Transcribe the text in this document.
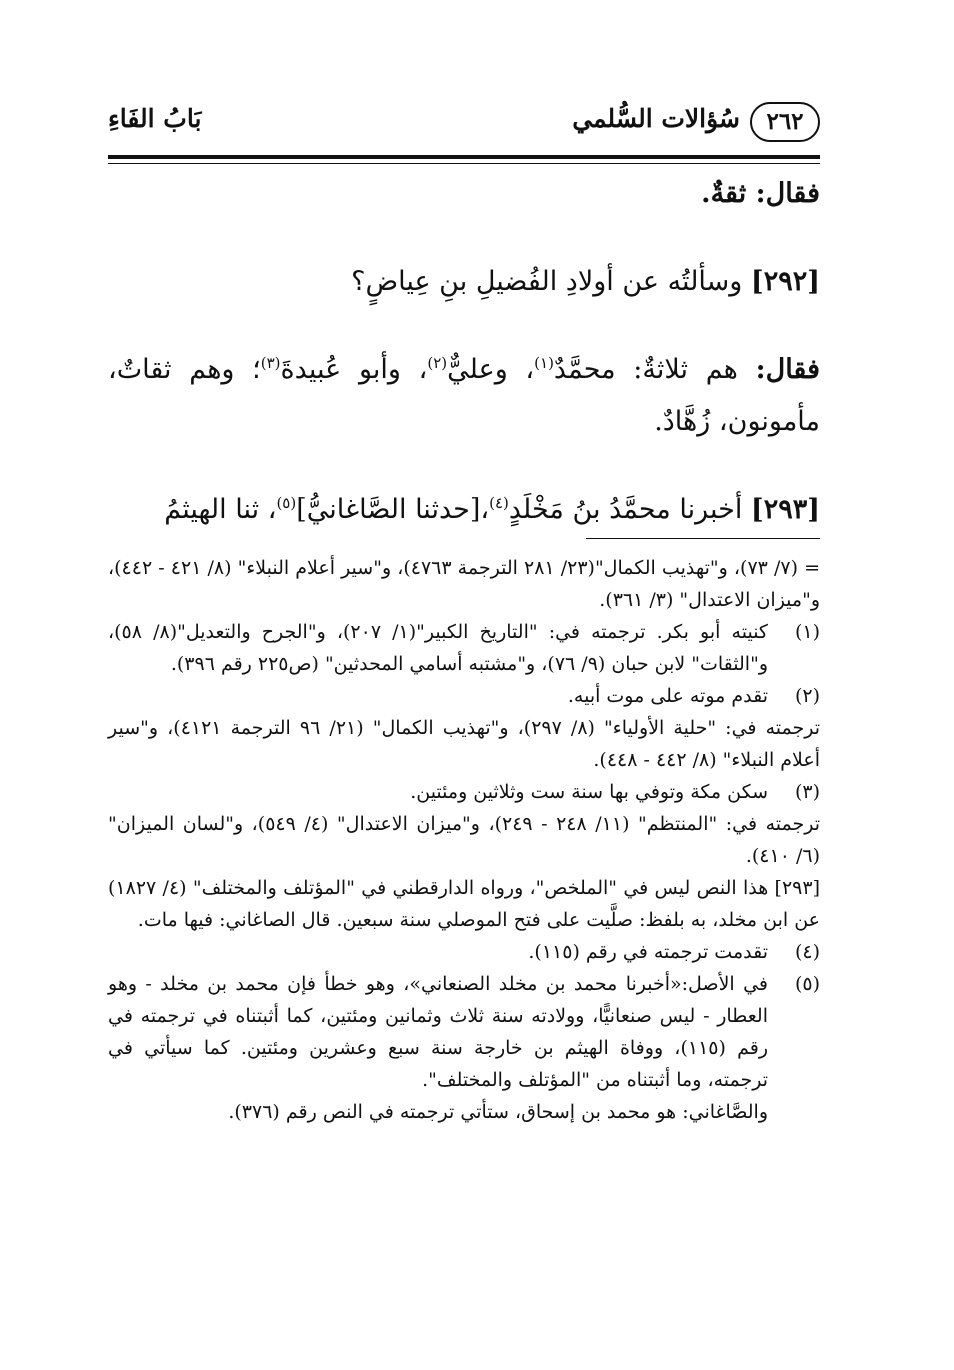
٢٦٢
سُؤالات السُّلمي
بَابُ الفَاءِ

فقال: ثقةٌ.

[٢٩٢] وسألتُه عن أولادِ الفُضيلِ بنِ عِياضٍ؟

فقال: هم ثلاثةٌ: محمَّدٌ$^{(١)}$، وعليٌّ$^{(٢)}$، وأبو عُبيدةَ$^{(٣)}$؛ وهم ثقاتٌ، مأمونون، زُهَّادٌ.

[٢٩٣] أخبرنا محمَّدُ بنُ مَخْلَدٍ$^{(٤)}$،[حدثنا الصَّاغانيُّ]$^{(٥)}$، ثنا الهيثمُ

= (٧/ ٧٣)، و"تهذيب الكمال"(٢٣/ ٢٨١ الترجمة ٤٧٦٣)، و"سير أعلام النبلاء" (٨/ ٤٢١ - ٤٤٢)، و"ميزان الاعتدال" (٣/ ٣٦١).

(١)

كنيته أبو بكر. ترجمته في: "التاريخ الكبير"(١/ ٢٠٧)، و"الجرح والتعديل"(٨/ ٥٨)، و"الثقات" لابن حبان (٩/ ٧٦)، و"مشتبه أسامي المحدثين" (ص٢٢٥ رقم ٣٩٦).

(٢)

تقدم موته على موت أبيه.

ترجمته في: "حلية الأولياء" (٨/ ٢٩٧)، و"تهذيب الكمال" (٢١/ ٩٦ الترجمة ٤١٢١)، و"سير أعلام النبلاء" (٨/ ٤٤٢ - ٤٤٨).

(٣)

سكن مكة وتوفي بها سنة ست وثلاثين ومئتين.

ترجمته في: "المنتظم" (١١/ ٢٤٨ - ٢٤٩)، و"ميزان الاعتدال" (٤/ ٥٤٩)، و"لسان الميزان" (٦/ ٤١٠).

[٢٩٣] هذا النص ليس في "الملخص"، ورواه الدارقطني في "المؤتلف والمختلف" (٤/ ١٨٢٧) عن ابن مخلد، به بلفظ: صلَّيت على فتح الموصلي سنة سبعين. قال الصاغاني: فيها مات.

(٤)

تقدمت ترجمته في رقم (١١٥).

(٥)

في الأصل:«أخبرنا محمد بن مخلد الصنعاني»، وهو خطأ فإن محمد بن مخلد - وهو العطار - ليس صنعانيًّا، وولادته سنة ثلاث وثمانين ومئتين، كما أثبتناه في ترجمته في رقم (١١٥)، ووفاة الهيثم بن خارجة سنة سبع وعشرين ومئتين. كما سيأتي في ترجمته، وما أثبتناه من "المؤتلف والمختلف".

والصَّاغاني: هو محمد بن إسحاق، ستأتي ترجمته في النص رقم (٣٧٦).
